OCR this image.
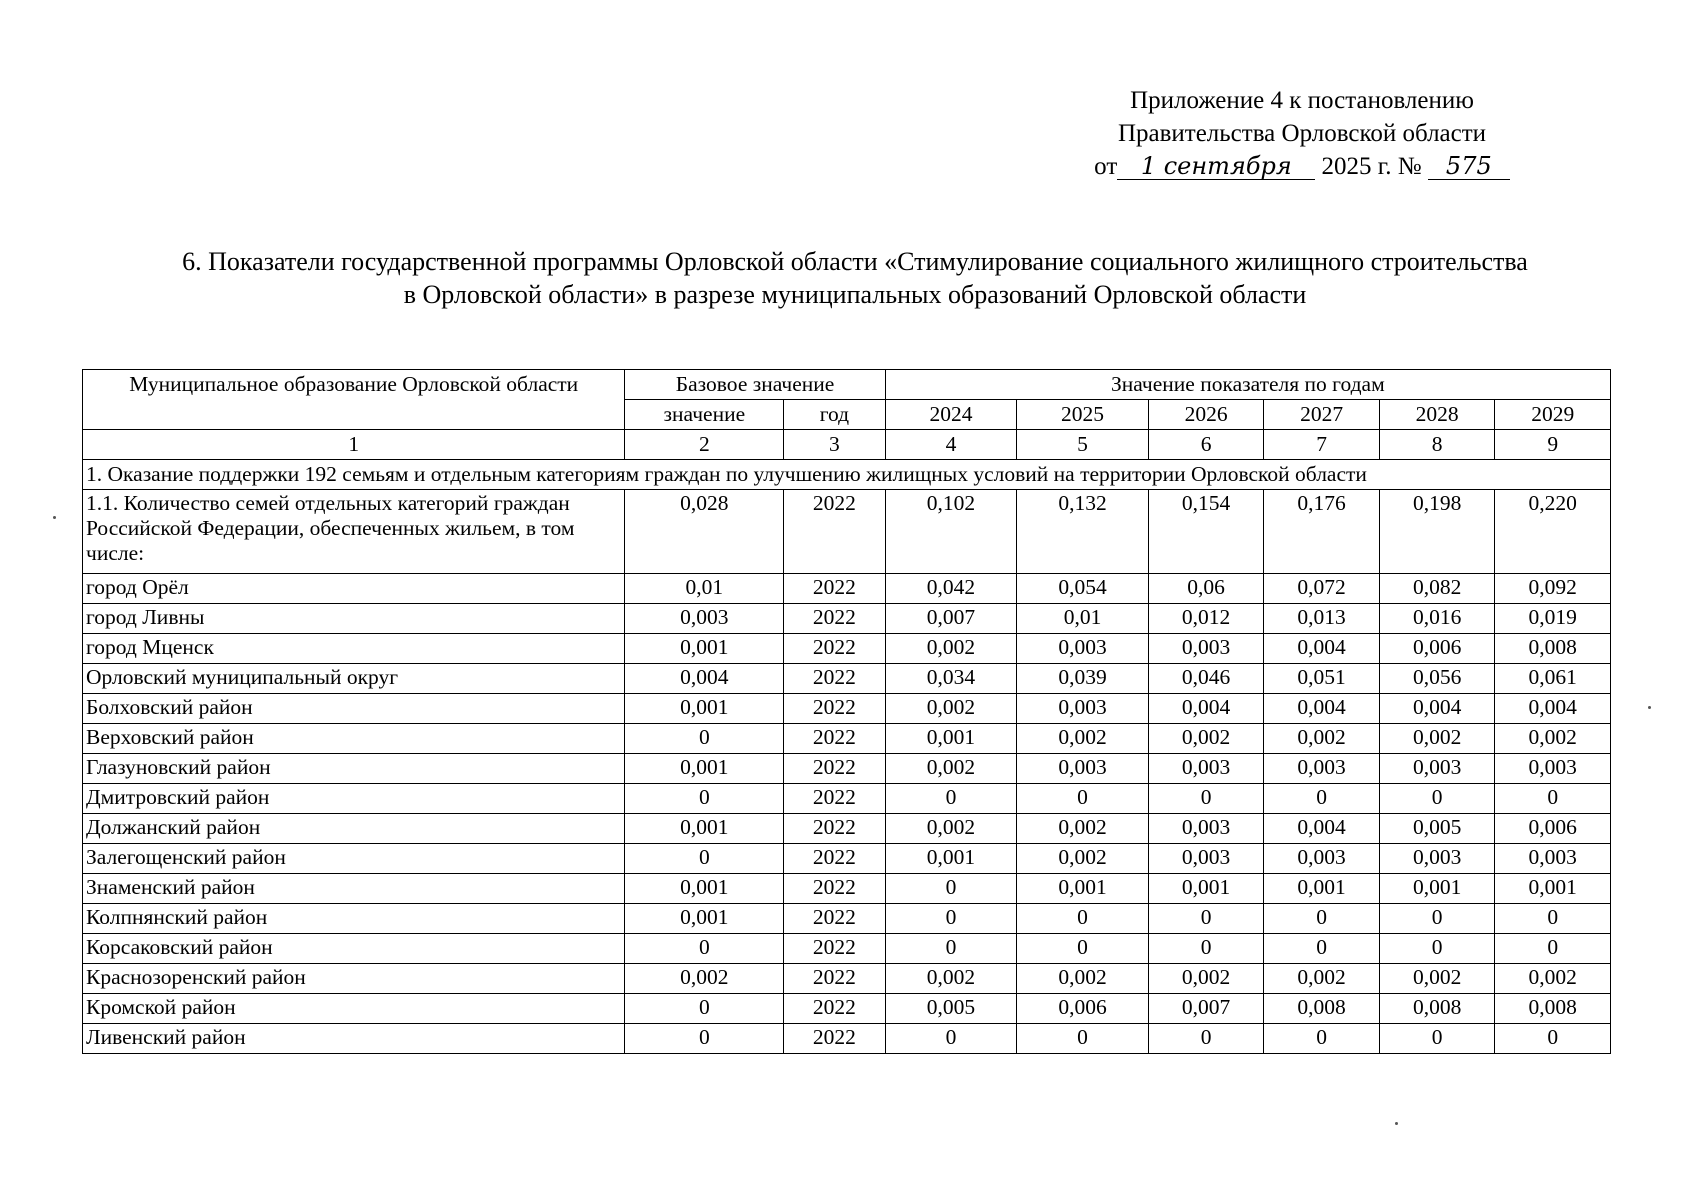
Приложение 4 к постановлению
Правительства Орловской области
от 1 сентября 2025 г. № 575
6. Показатели государственной программы Орловской области «Стимулирование социального жилищного строительства
в Орловской области» в разрезе муниципальных образований Орловской области
Муниципальное образование Орловской области	Базовое значение		Значение показателя по годам					
	значение	год	2024	2025	2026	2027	2028	2029
1	2	3	4	5	6	7	8	9
1. Оказание поддержки 192 семьям и отдельным категориям граждан по улучшению жилищных условий на территории Орловской области								
1.1. Количество семей отдельных категорий граждан Российской Федерации, обеспеченных жильем, в том числе:	0,028	2022	0,102	0,132	0,154	0,176	0,198	0,220
город Орёл	0,01	2022	0,042	0,054	0,06	0,072	0,082	0,092
город Ливны	0,003	2022	0,007	0,01	0,012	0,013	0,016	0,019
город Мценск	0,001	2022	0,002	0,003	0,003	0,004	0,006	0,008
Орловский муниципальный округ	0,004	2022	0,034	0,039	0,046	0,051	0,056	0,061
Болховский район	0,001	2022	0,002	0,003	0,004	0,004	0,004	0,004
Верховский район	0	2022	0,001	0,002	0,002	0,002	0,002	0,002
Глазуновский район	0,001	2022	0,002	0,003	0,003	0,003	0,003	0,003
Дмитровский район	0	2022	0	0	0	0	0	0
Должанский район	0,001	2022	0,002	0,002	0,003	0,004	0,005	0,006
Залегощенский район	0	2022	0,001	0,002	0,003	0,003	0,003	0,003
Знаменский район	0,001	2022	0	0,001	0,001	0,001	0,001	0,001
Колпнянский район	0,001	2022	0	0	0	0	0	0
Корсаковский район	0	2022	0	0	0	0	0	0
Краснозоренский район	0,002	2022	0,002	0,002	0,002	0,002	0,002	0,002
Кромской район	0	2022	0,005	0,006	0,007	0,008	0,008	0,008
Ливенский район	0	2022	0	0	0	0	0	0
